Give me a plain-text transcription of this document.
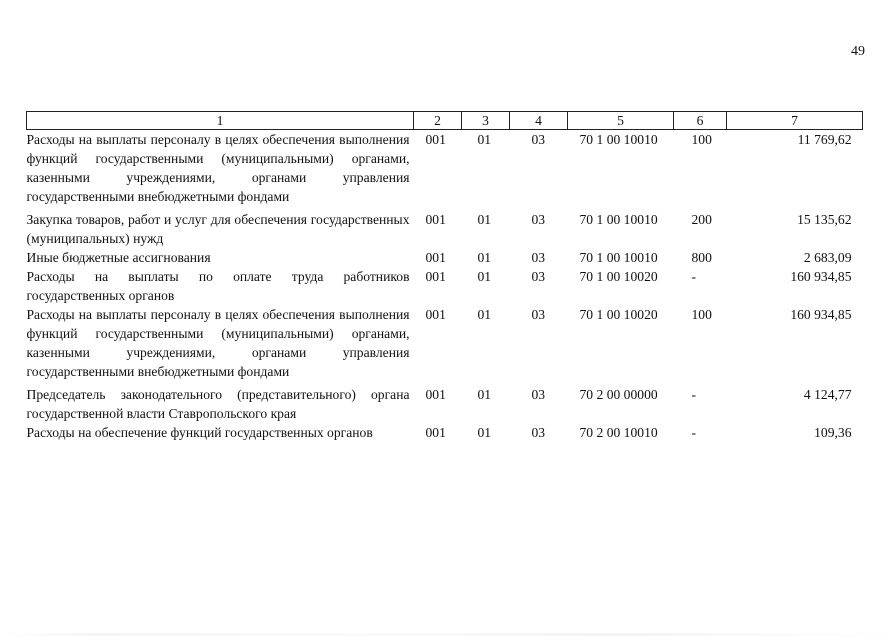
49
1	2	3	4	5	6	7
Расходы на выплаты персоналу в целях обеспечения выполнения функций государственными (муниципальными) органами, казенными учреждениями, органами управления государственными внебюджетными фондами	001	01	03	70 1 00 10010	100	11 769,62
Закупка товаров, работ и услуг для обеспечения государственных (муниципальных) нужд	001	01	03	70 1 00 10010	200	15 135,62
Иные бюджетные ассигнования	001	01	03	70 1 00 10010	800	2 683,09
Расходы на выплаты по оплате труда работников государственных органов	001	01	03	70 1 00 10020	-	160 934,85
Расходы на выплаты персоналу в целях обеспечения выполнения функций государственными (муниципальными) органами, казенными учреждениями, органами управления государственными внебюджетными фондами	001	01	03	70 1 00 10020	100	160 934,85
Председатель законодательного (представительного) органа государственной власти Ставропольского края	001	01	03	70 2 00 00000	-	4 124,77
Расходы на обеспечение функций государственных органов	001	01	03	70 2 00 10010	-	109,36
